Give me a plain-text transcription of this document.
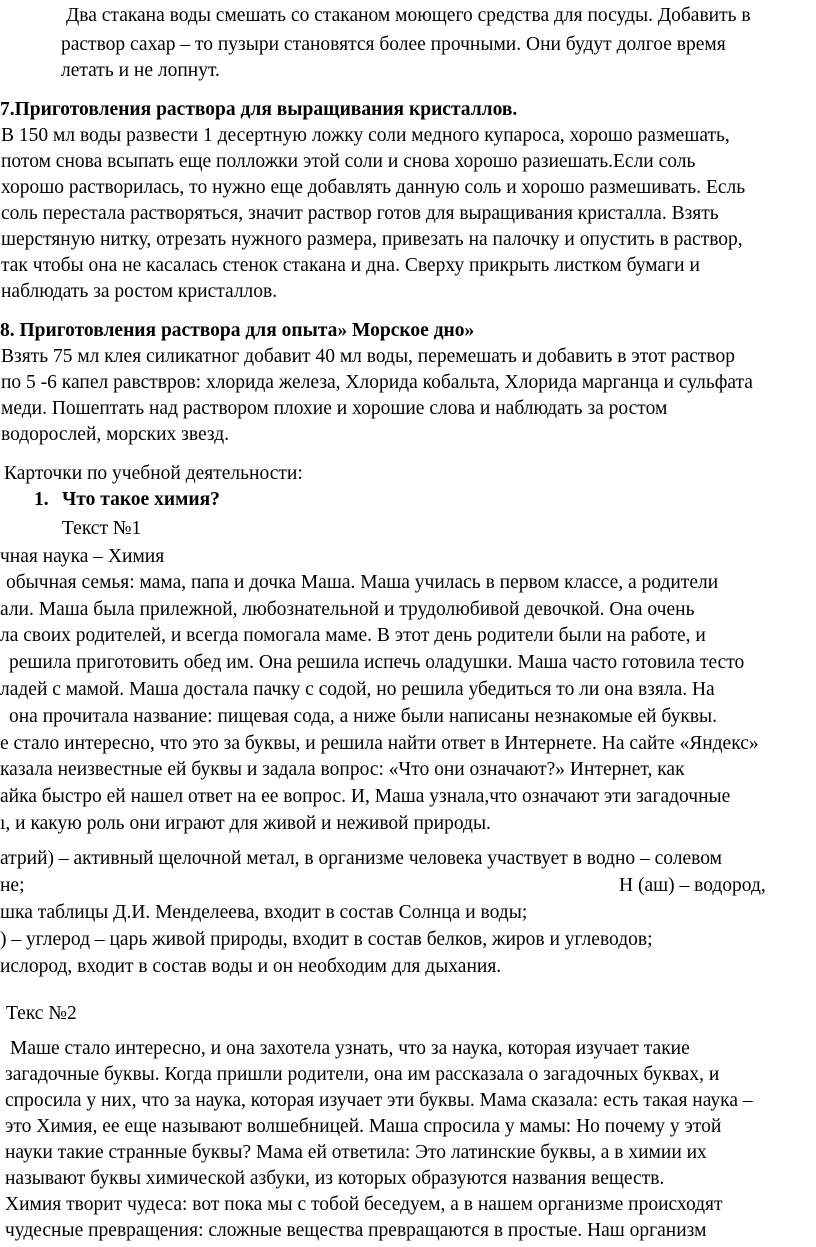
Два стакана воды смешать со стаканом моющего средства для посуды. Добавить в
раствор сахар – то пузыри становятся более прочными. Они будут долгое время
летать и не лопнут.
7.Приготовления раствора для выращивания кристаллов.
В 150 мл воды развести 1 десертную ложку соли медного купароса, хорошо размешать,
потом снова всыпать еще полложки этой соли и снова хорошо разиешать.Если соль
хорошо растворилась, то нужно еще добавлять данную соль и хорошо размешивать. Есль
соль перестала растворяться, значит раствор готов для выращивания кристалла. Взять
шерстяную нитку, отрезать нужного размера, привезать на палочку и опустить в раствор,
так чтобы она не касалась стенок стакана и дна. Сверху прикрыть листком бумаги и
наблюдать за ростом кристаллов.
8. Приготовления раствора для опыта» Морское дно»
Взять 75 мл клея силикатног добавит 40 мл воды, перемешать и добавить в этот раствор
по 5 -6 капел равствров: хлорида железа, Хлорида кобальта, Хлорида марганца и сульфата
меди. Пошептать над раствором плохие и хорошие слова и наблюдать за ростом
водорослей, морских звезд.
Карточки по учебной деятельности:
1. Что такое химия?
Текст №1
чная наука – Химия
обычная семья: мама, папа и дочка Маша. Маша училась в первом классе, а родители
али. Маша была прилежной, любознательной и трудолюбивой девочкой. Она очень
ла своих родителей, и всегда помогала маме. В этот день родители были на работе, и
решила приготовить обед им. Она решила испечь оладушки. Маша часто готовила тесто
ладей с мамой. Маша достала пачку с содой, но решила убедиться то ли она взяла. На
она прочитала название: пищевая сода, а ниже были написаны незнакомые ей буквы.
е стало интересно, что это за буквы, и решила найти ответ в Интернете. На сайте «Яндекс»
казала неизвестные ей буквы и задала вопрос: «Что они означают?» Интернет, как
айка быстро ей нашел ответ на ее вопрос. И, Маша узнала,что означают эти загадочные
ı, и какую роль они играют для живой и неживой природы.
атрий) – активный щелочной метал, в организме человека участвует в водно – солевом
не;	Н (аш) – водород,
шка таблицы Д.И. Менделеева, входит в состав Солнца и воды;
) – углерод – царь живой природы, входит в состав белков, жиров и углеводов;
ислород, входит в состав воды и он необходим для дыхания.
Текс №2
Маше стало интересно, и она захотела узнать, что за наука, которая изучает такие
загадочные буквы. Когда пришли родители, она им рассказала о загадочных буквах, и
спросила у них, что за наука, которая изучает эти буквы. Мама сказала: есть такая наука –
это Химия, ее еще называют волшебницей. Маша спросила у мамы: Но почему у этой
науки такие странные буквы? Мама ей ответила: Это латинские буквы, а в химии их
называют буквы химической азбуки, из которых образуются названия веществ.
Химия творит чудеса: вот пока мы с тобой беседуем, а в нашем организме происходят
чудесные превращения: сложные вещества превращаются в простые. Наш организм
